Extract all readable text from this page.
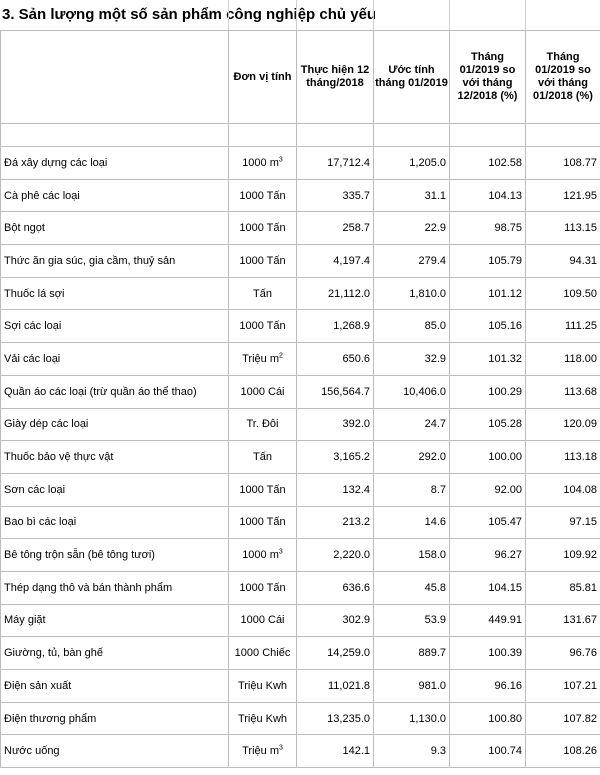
3. Sản lượng một số sản phẩm công nghiệp chủ yếu
	Đơn vị tính	Thực hiện 12 tháng/2018	Ước tính tháng 01/2019	Tháng 01/2019 so với tháng 12/2018 (%)	Tháng 01/2019 so với tháng 01/2018 (%)

Đá xây dựng các loại	1000 $m^3$	17,712.4	1,205.0	102.58	108.77
Cà phê các loại	1000 Tấn	335.7	31.1	104.13	121.95
Bột ngọt	1000 Tấn	258.7	22.9	98.75	113.15
Thức ăn gia súc, gia cầm, thuỷ sản	1000 Tấn	4,197.4	279.4	105.79	94.31
Thuốc lá sợi	Tấn	21,112.0	1,810.0	101.12	109.50
Sợi các loại	1000 Tấn	1,268.9	85.0	105.16	111.25
Vải các loại	Triệu $m^2$	650.6	32.9	101.32	118.00
Quần áo các loại (trừ quần áo thể thao)	1000 Cái	156,564.7	10,406.0	100.29	113.68
Giày dép các loại	Tr. Đôi	392.0	24.7	105.28	120.09
Thuốc bảo vệ thực vật	Tấn	3,165.2	292.0	100.00	113.18
Sơn các loại	1000 Tấn	132.4	8.7	92.00	104.08
Bao bì các loại	1000 Tấn	213.2	14.6	105.47	97.15
Bê tông trộn sẵn (bê tông tươi)	1000 $m^3$	2,220.0	158.0	96.27	109.92
Thép dạng thô và bán thành phẩm	1000 Tấn	636.6	45.8	104.15	85.81
Máy giặt	1000 Cái	302.9	53.9	449.91	131.67
Giường, tủ, bàn ghế	1000 Chiếc	14,259.0	889.7	100.39	96.76
Điện sản xuất	Triệu Kwh	11,021.8	981.0	96.16	107.21
Điện thương phẩm	Triệu Kwh	13,235.0	1,130.0	100.80	107.82
Nước uống	Triệu $m^3$	142.1	9.3	100.74	108.26
